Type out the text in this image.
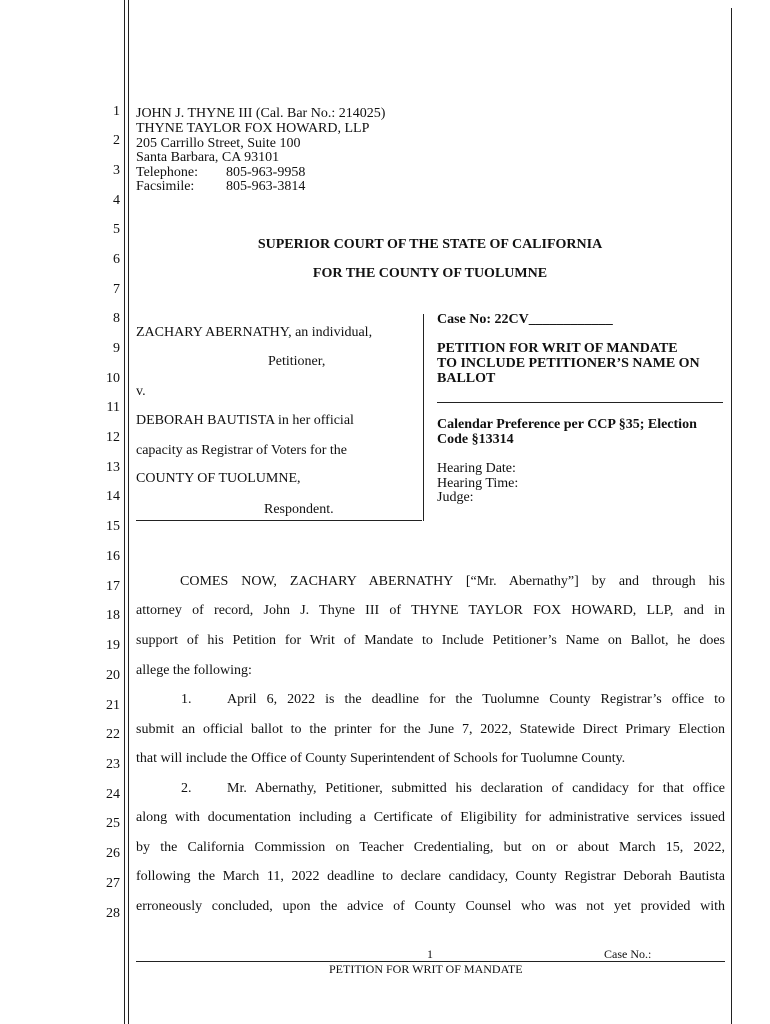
1
2
3
4
5
6
7
8
9
10
11
12
13
14
15
16
17
18
19
20
21
22
23
24
25
26
27
28
JOHN J. THYNE III (Cal. Bar No.: 214025)
THYNE TAYLOR FOX HOWARD, LLP
205 Carrillo Street, Suite 100
Santa Barbara, CA 93101
Telephone: 805-963-9958
Facsimile: 805-963-3814
SUPERIOR COURT OF THE STATE OF CALIFORNIA
FOR THE COUNTY OF TUOLUMNE
ZACHARY ABERNATHY, an individual,
Petitioner,
v.
DEBORAH BAUTISTA in her official
capacity as Registrar of Voters for the
COUNTY OF TUOLUMNE,
Respondent.
Case No: 22CV____________
PETITION FOR WRIT OF MANDATE
TO INCLUDE PETITIONER’S NAME ON
BALLOT
Calendar Preference per CCP §35; Election
Code §13314
Hearing Date:
Hearing Time:
Judge:
COMES NOW, ZACHARY ABERNATHY [“Mr. Abernathy”] by and through his
attorney of record, John J. Thyne III of THYNE TAYLOR FOX HOWARD, LLP, and in
support of his Petition for Writ of Mandate to Include Petitioner’s Name on Ballot, he does
allege the following:
1.	April 6, 2022 is the deadline for the Tuolumne County Registrar’s office to
submit an official ballot to the printer for the June 7, 2022, Statewide Direct Primary Election
that will include the Office of County Superintendent of Schools for Tuolumne County.
2.	Mr. Abernathy, Petitioner, submitted his declaration of candidacy for that office
along with documentation including a Certificate of Eligibility for administrative services issued
by the California Commission on Teacher Credentialing, but on or about March 15, 2022,
following the March 11, 2022 deadline to declare candidacy, County Registrar Deborah Bautista
erroneously concluded, upon the advice of County Counsel who was not yet provided with
1	Case No.:
PETITION FOR WRIT OF MANDATE
